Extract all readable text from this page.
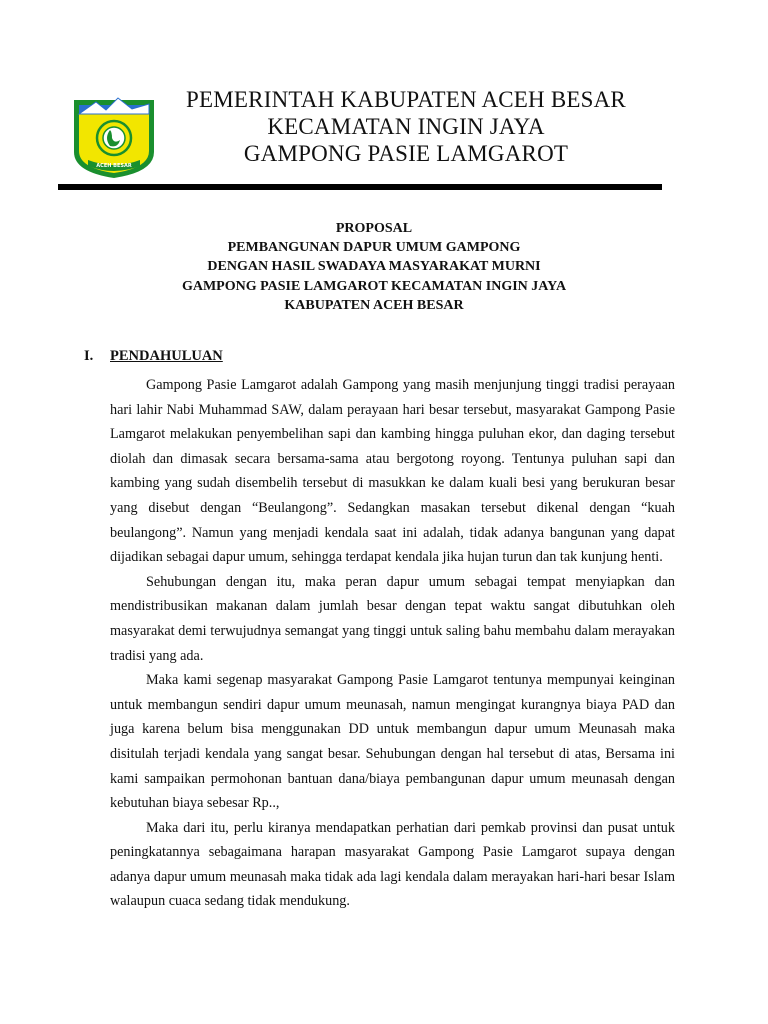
ACEH BESAR
PEMERINTAH KABUPATEN ACEH BESAR
KECAMATAN INGIN JAYA
GAMPONG PASIE LAMGAROT
PROPOSAL
PEMBANGUNAN DAPUR UMUM GAMPONG
DENGAN HASIL SWADAYA MASYARAKAT MURNI
GAMPONG PASIE LAMGAROT KECAMATAN INGIN JAYA
KABUPATEN ACEH BESAR
I. PENDAHULUAN

Gampong Pasie Lamgarot adalah Gampong yang masih menjunjung tinggi tradisi perayaan hari lahir Nabi Muhammad SAW, dalam perayaan hari besar tersebut, masyarakat Gampong Pasie Lamgarot melakukan penyembelihan sapi dan kambing hingga puluhan ekor, dan daging tersebut diolah dan dimasak secara bersama-sama atau bergotong royong. Tentunya puluhan sapi dan kambing yang sudah disembelih tersebut di masukkan ke dalam kuali besi yang berukuran besar yang disebut dengan “Beulangong”. Sedangkan masakan tersebut dikenal dengan “kuah beulangong”. Namun yang menjadi kendala saat ini adalah, tidak adanya bangunan yang dapat dijadikan sebagai dapur umum, sehingga terdapat kendala jika hujan turun dan tak kunjung henti.

Sehubungan dengan itu, maka peran dapur umum sebagai tempat menyiapkan dan mendistribusikan makanan dalam jumlah besar dengan tepat waktu sangat dibutuhkan oleh masyarakat demi terwujudnya semangat yang tinggi untuk saling bahu membahu dalam merayakan tradisi yang ada.

Maka kami segenap masyarakat Gampong Pasie Lamgarot tentunya mempunyai keinginan untuk membangun sendiri dapur umum meunasah, namun mengingat kurangnya biaya PAD dan juga karena belum bisa menggunakan DD untuk membangun dapur umum Meunasah maka disitulah terjadi kendala yang sangat besar. Sehubungan dengan hal tersebut di atas, Bersama ini kami sampaikan permohonan bantuan dana/biaya pembangunan dapur umum meunasah dengan kebutuhan biaya sebesar Rp..,

Maka dari itu, perlu kiranya mendapatkan perhatian dari pemkab provinsi dan pusat untuk peningkatannya sebagaimana harapan masyarakat Gampong Pasie Lamgarot supaya dengan adanya dapur umum meunasah maka tidak ada lagi kendala dalam merayakan hari-hari besar Islam walaupun cuaca sedang tidak mendukung.
